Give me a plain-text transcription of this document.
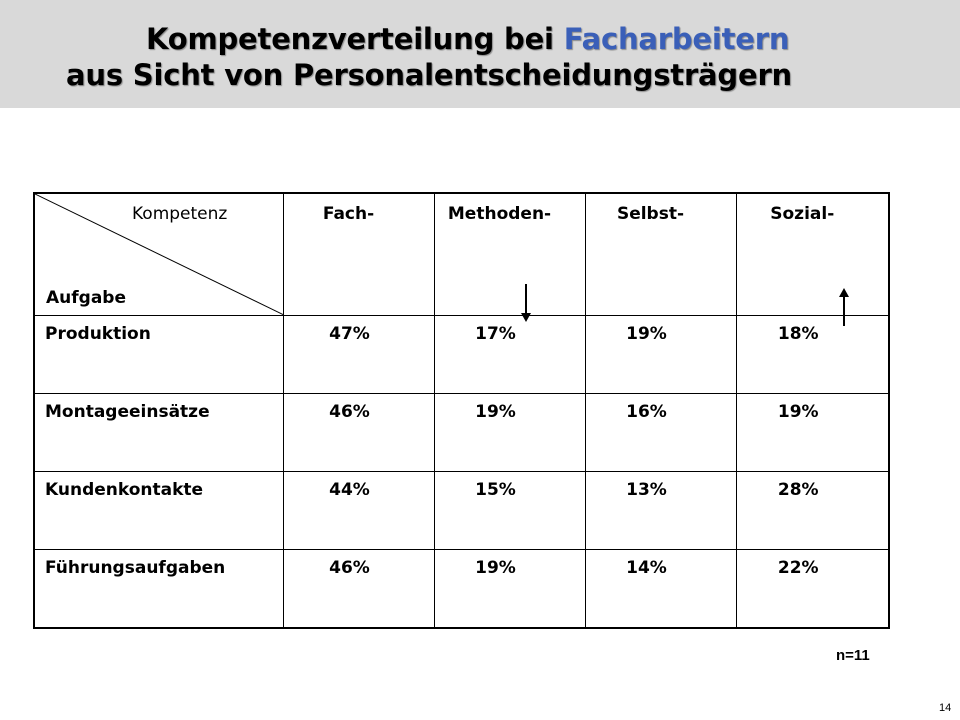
Kompetenzverteilung bei Facharbeitern
aus Sicht von Personalentscheidungsträgern
Kompetenz
Aufgabe	Fach-	Methoden-	Selbst-	Sozial-

Produktion	47%	17%	19%	18%

Montageeinsätze	46%	19%	16%	19%

Kundenkontakte	44%	15%	13%	28%

Führungsaufgaben	46%	19%	14%	22%
n=11
14
